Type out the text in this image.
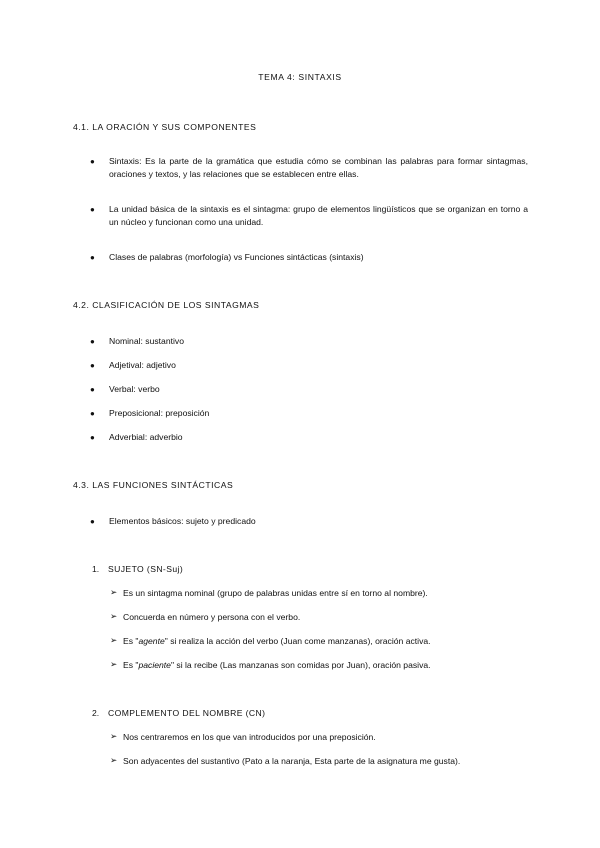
TEMA 4: SINTAXIS
4.1. LA ORACIÓN Y SUS COMPONENTES
● Sintaxis: Es la parte de la gramática que estudia cómo se combinan las palabras para formar sintagmas, oraciones y textos, y las relaciones que se establecen entre ellas.
● La unidad básica de la sintaxis es el sintagma: grupo de elementos lingüísticos que se organizan en torno a un núcleo y funcionan como una unidad.
● Clases de palabras (morfología) vs Funciones sintácticas (sintaxis)
4.2. CLASIFICACIÓN DE LOS SINTAGMAS
● Nominal: sustantivo
● Adjetival: adjetivo
● Verbal: verbo
● Preposicional: preposición
● Adverbial: adverbio
4.3. LAS FUNCIONES SINTÁCTICAS
● Elementos básicos: sujeto y predicado
1. SUJETO (SN-Suj)
➢ Es un sintagma nominal (grupo de palabras unidas entre sí en torno al nombre).
➢ Concuerda en número y persona con el verbo.
➢ Es "agente" si realiza la acción del verbo (Juan come manzanas), oración activa.
➢ Es "paciente" si la recibe (Las manzanas son comidas por Juan), oración pasiva.
2. COMPLEMENTO DEL NOMBRE (CN)
➢ Nos centraremos en los que van introducidos por una preposición.
➢ Son adyacentes del sustantivo (Pato a la naranja, Esta parte de la asignatura me gusta).
